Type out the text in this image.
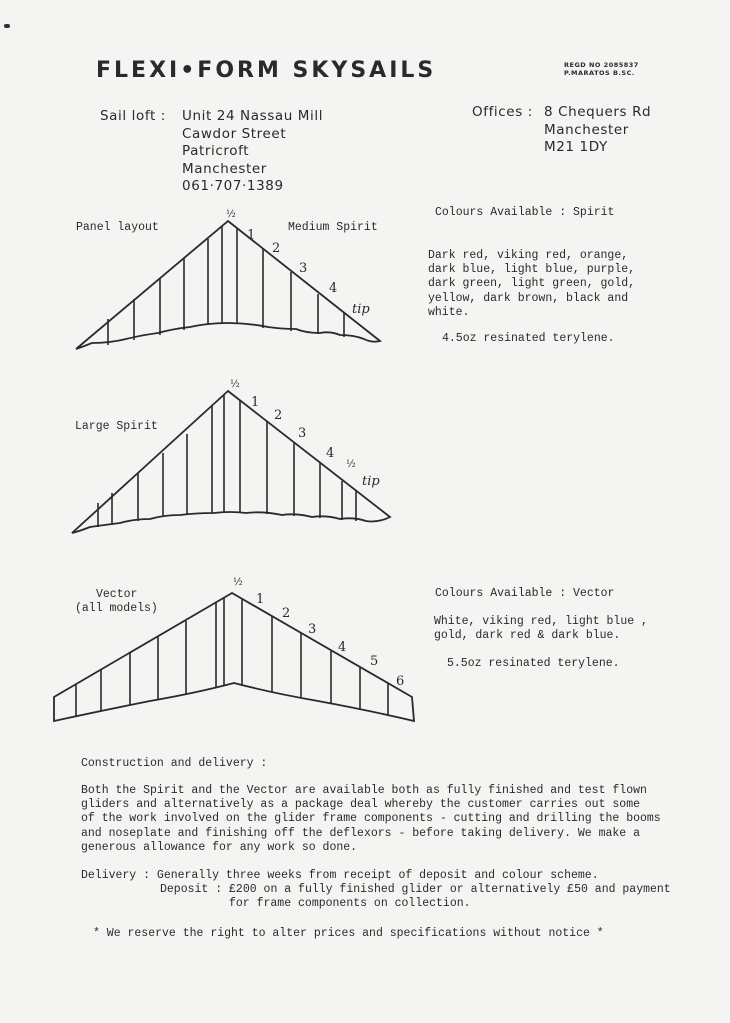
FLEXI•FORM SKYSAILS	REGD NO 2085837
P.MARATOS B.SC.
Sail loft : Unit 24 Nassau Mill
Cawdor Street
Patricroft
Manchester
061·707·1389
Offices : 8 Chequers Rd
Manchester
M21 1DY
Panel layout	Medium Spirit
Large Spirit
Vector
(all models)
½
1
2
3
4
tip
½
1
2
3
4
½
tip
½
1
2
3
4
5
6
Colours Available : Spirit
Dark red, viking red, orange,
dark blue, light blue, purple,
dark green, light green, gold,
yellow, dark brown, black and
white.
4.5oz resinated terylene.
Colours Available : Vector
White, viking red, light blue ,
gold, dark red & dark blue.
5.5oz resinated terylene.
Construction and delivery :
Both the Spirit and the Vector are available both as fully finished and test flown
gliders and alternatively as a package deal whereby the customer carries out some
of the work involved on the glider frame components - cutting and drilling the booms
and noseplate and finishing off the deflexors - before taking delivery. We make a
generous allowance for any work so done.
Delivery : Generally three weeks from receipt of deposit and colour scheme.
Deposit : £200 on a fully finished glider or alternatively £50 and payment
for frame components on collection.
* We reserve the right to alter prices and specifications without notice *
